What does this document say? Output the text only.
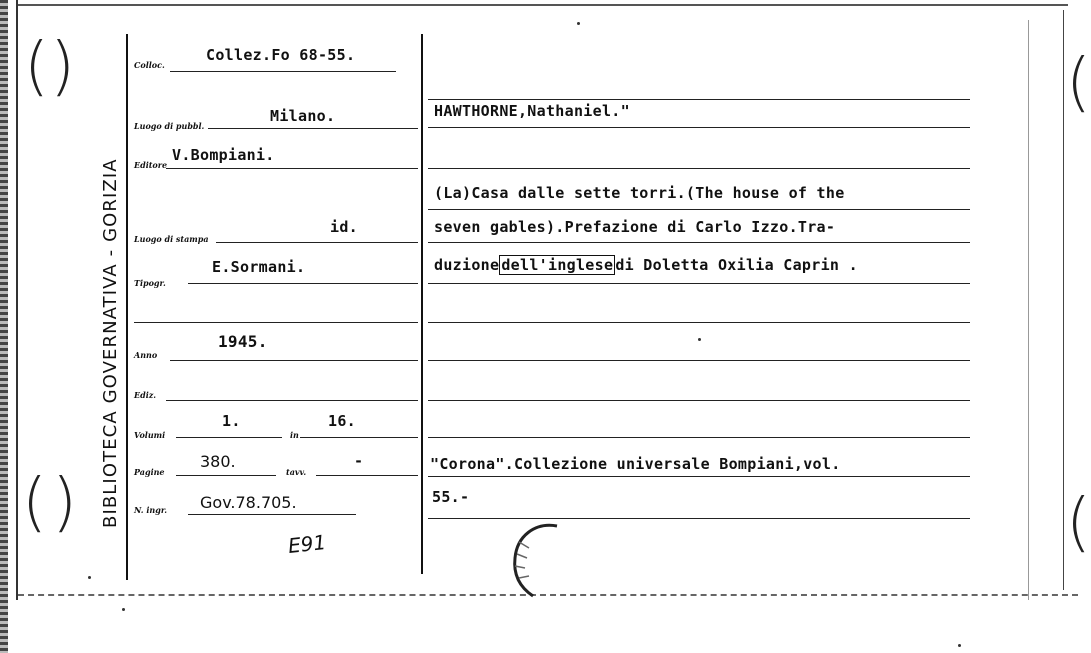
( )
( )
(
(
BIBLIOTECA GOVERNATIVA - GORIZIA
Colloc.
Collez.Fo 68-55.
Luogo di pubbl.
Milano.
Editore
V.Bompiani.
Luogo di stampa
id.
Tipogr.
E.Sormani.
Anno
1945.
Ediz.
Volumi
1.
in
16.
Pagine
380.
tavv.
-
N. ingr. Gov.78.705.
E91
HAWTHORNE,Nathaniel."
(La)Casa dalle sette torri.(The house of the
seven gables).Prefazione di Carlo Izzo.Tra-
duzione dell'inglese di Doletta Oxilia Caprin .
"Corona".Collezione universale Bompiani,vol.
55.-
